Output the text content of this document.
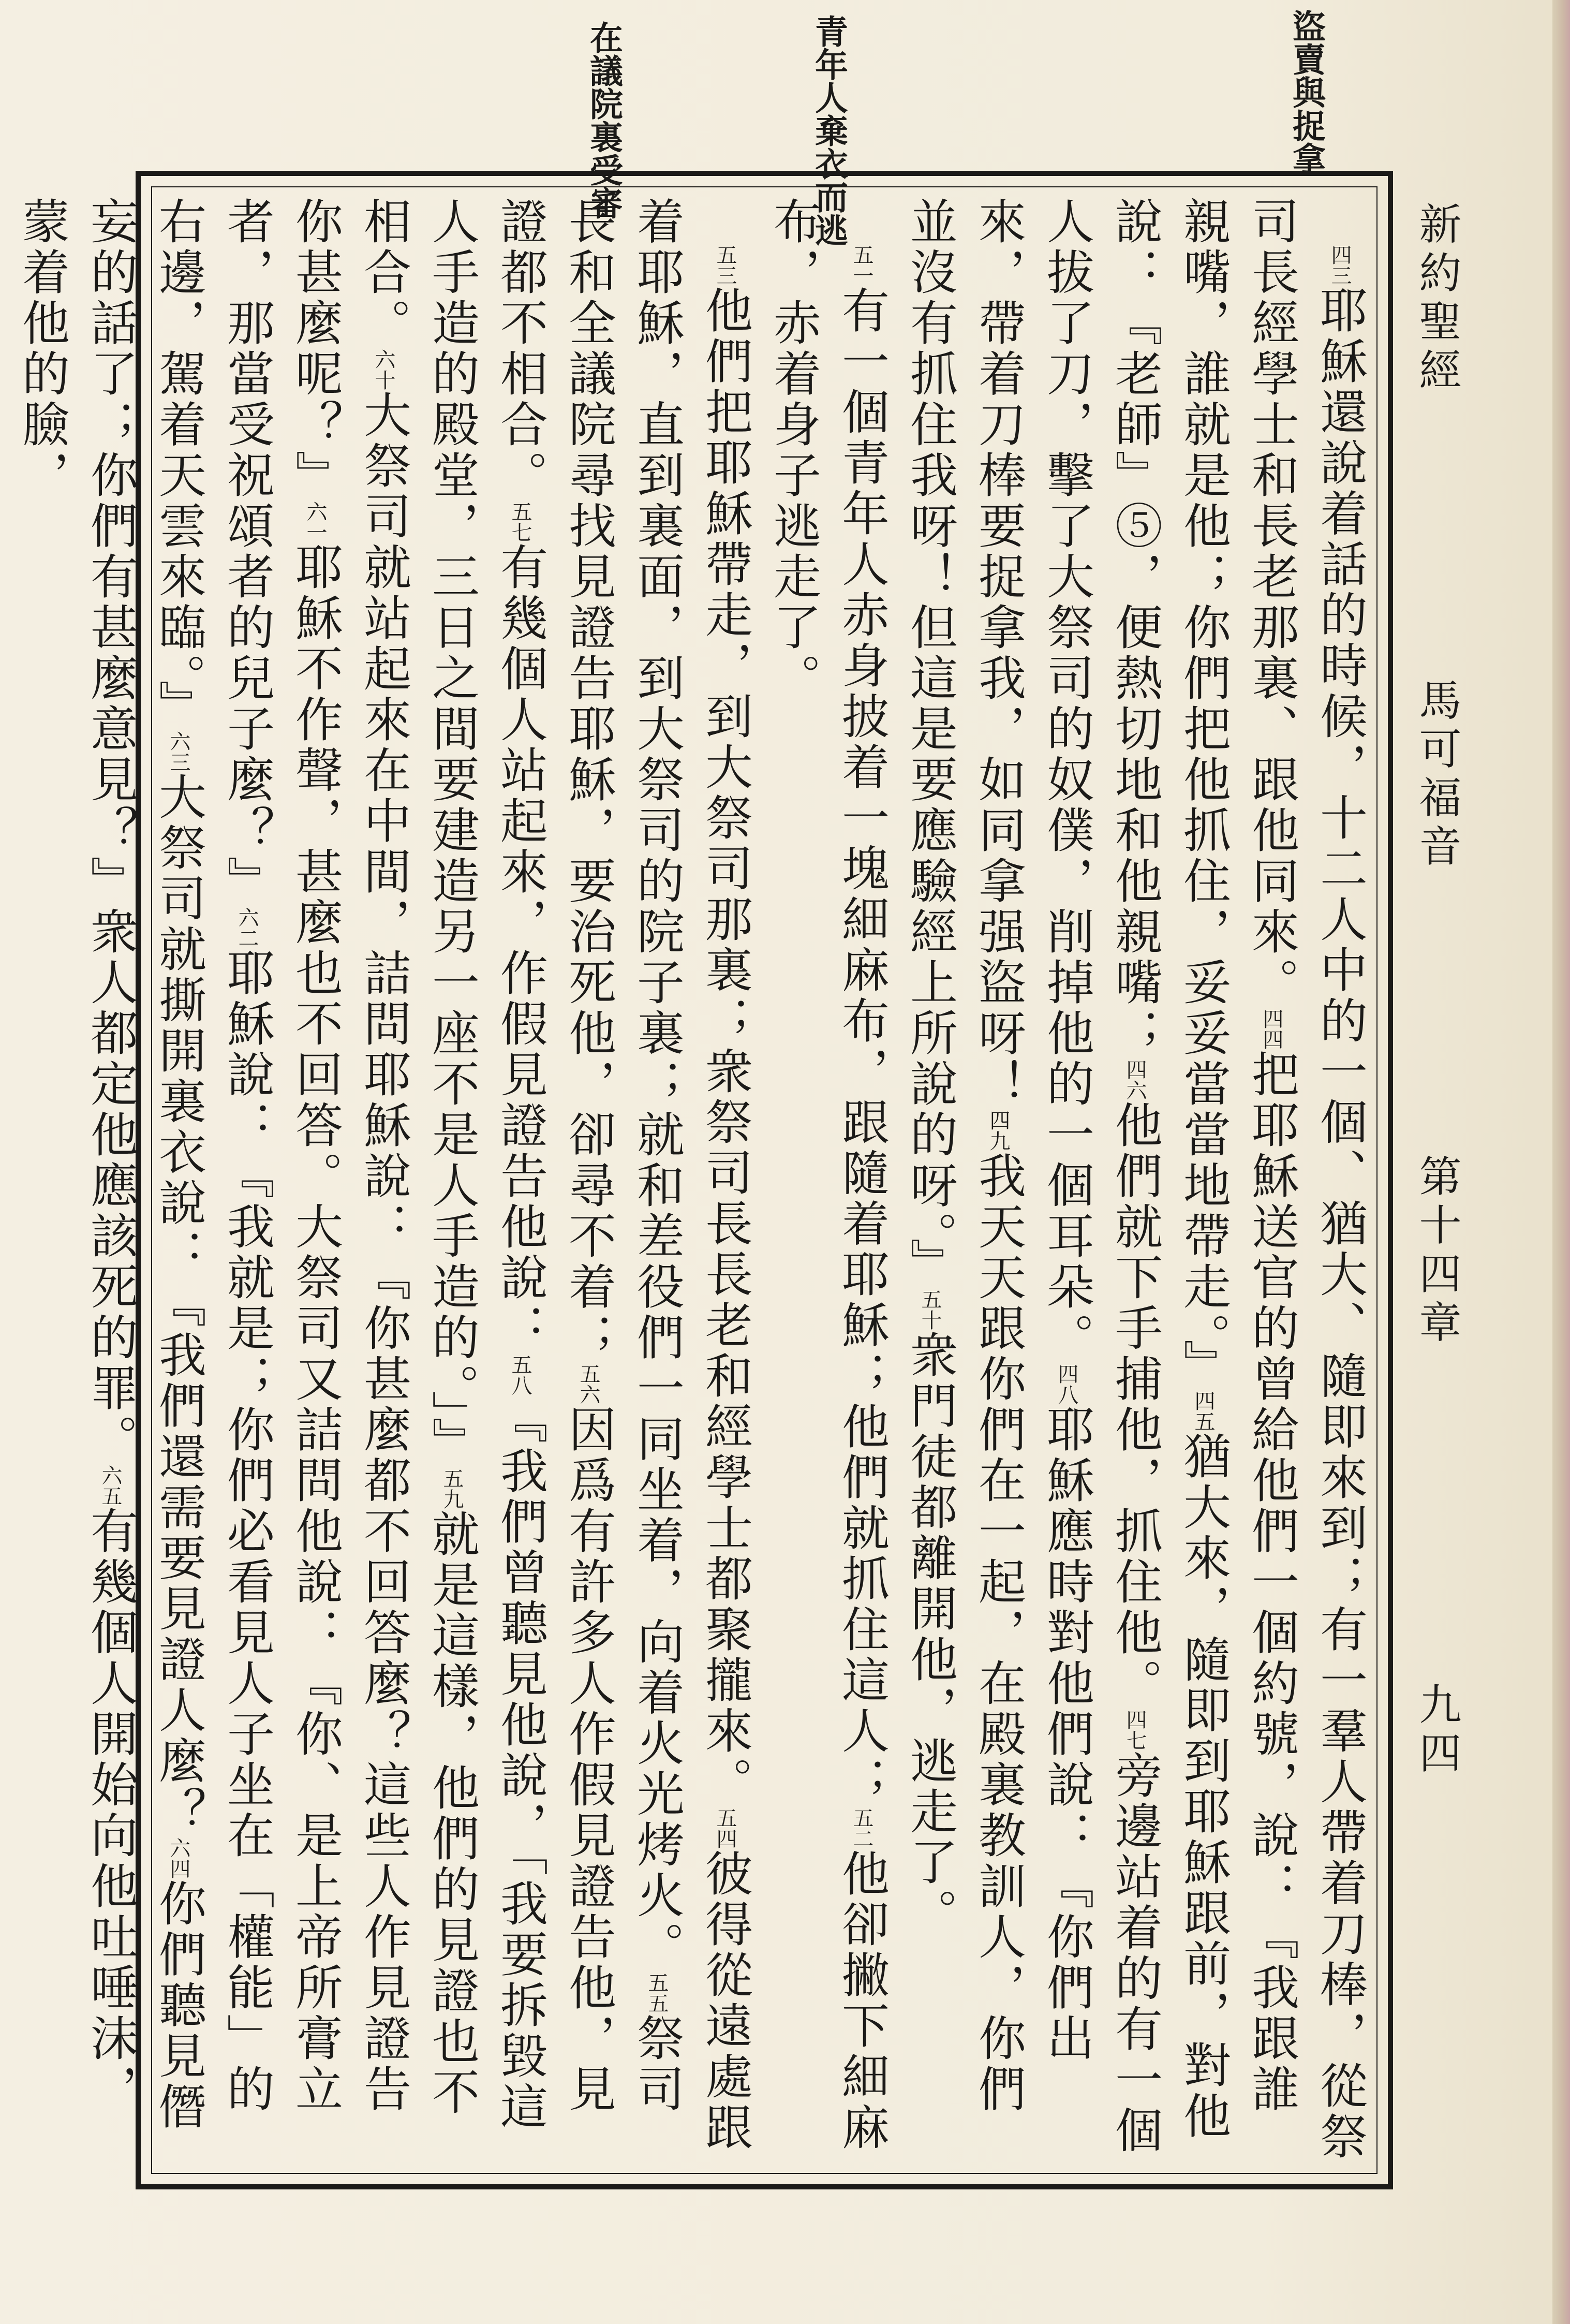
新約聖經
馬可福音
第十四章
九四
盜賣與捉拿
青年人棄衣而逃
在議院裏受審
四三耶穌還說着話的時候，十二人中的一個、猶大、隨即來到；有一羣人帶着刀棒，從祭司長經學士和長老那裏、跟他同來。四四把耶穌送官的曾給他們一個約號，說：『我跟誰親嘴，誰就是他；你們把他抓住，妥妥當當地帶走。』四五猶大來，隨即到耶穌跟前，對他說：『老師』⑤，便熱切地和他親嘴；四六他們就下手捕他，抓住他。四七旁邊站着的有一個人拔了刀，擊了大祭司的奴僕，削掉他的一個耳朵。四八耶穌應時對他們說：『你們出來，帶着刀棒要捉拿我，如同拿强盜呀！四九我天天跟你們在一起，在殿裏教訓人，你們並沒有抓住我呀！但這是要應驗經上所說的呀。』五十衆門徒都離開他，逃走了。
五一有一個青年人赤身披着一塊細麻布，跟隨着耶穌；他們就抓住這人；五二他卻撇下細麻布，赤着身子逃走了。
五三他們把耶穌帶走，到大祭司那裏；衆祭司長長老和經學士都聚攏來。五四彼得從遠處跟着耶穌，直到裏面，到大祭司的院子裏；就和差役們一同坐着，向着火光烤火。五五祭司長和全議院尋找見證告耶穌，要治死他，卻尋不着；五六因爲有許多人作假見證告他，見證都不相合。五七有幾個人站起來，作假見證告他說：五八『我們曾聽見他說，「我要拆毀這人手造的殿堂，三日之間要建造另一座不是人手造的。」』五九就是這樣，他們的見證也不相合。六十大祭司就站起來在中間，詰問耶穌說：『你甚麼都不回答麼？這些人作見證告你甚麼呢？』六一耶穌不作聲，甚麼也不回答。大祭司又詰問他說：『你、是上帝所膏立者，那當受祝頌者的兒子麼？』六二耶穌說：『我就是；你們必看見人子坐在「權能」的右邊，駕着天雲來臨。』六三大祭司就撕開裏衣說：『我們還需要見證人麼？六四你們聽見僭妄的話了；你們有甚麼意見？』衆人都定他應該死的罪。六五有幾個人開始向他吐唾沫，蒙着他的臉，
